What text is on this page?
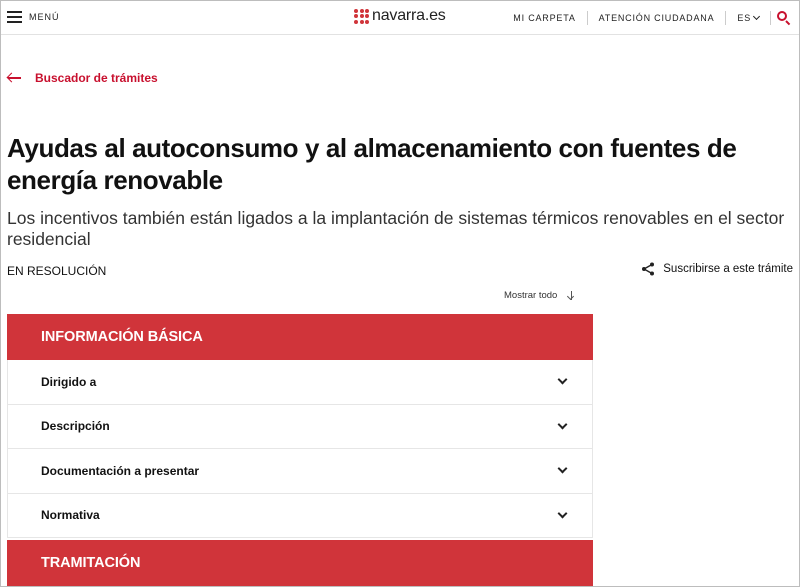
MENÚ	navarra.es	MI CARPETA	ATENCIÓN CIUDADANA	ES
Buscador de trámites
Ayudas al autoconsumo y al almacenamiento con fuentes de energía renovable

Los incentivos también están ligados a la implantación de sistemas térmicos renovables en el sector residencial

EN RESOLUCIÓN	Suscribirse a este trámite
Mostrar todo
INFORMACIÓN BÁSICA
Dirigido a
Descripción
Documentación a presentar
Normativa
TRAMITACIÓN
